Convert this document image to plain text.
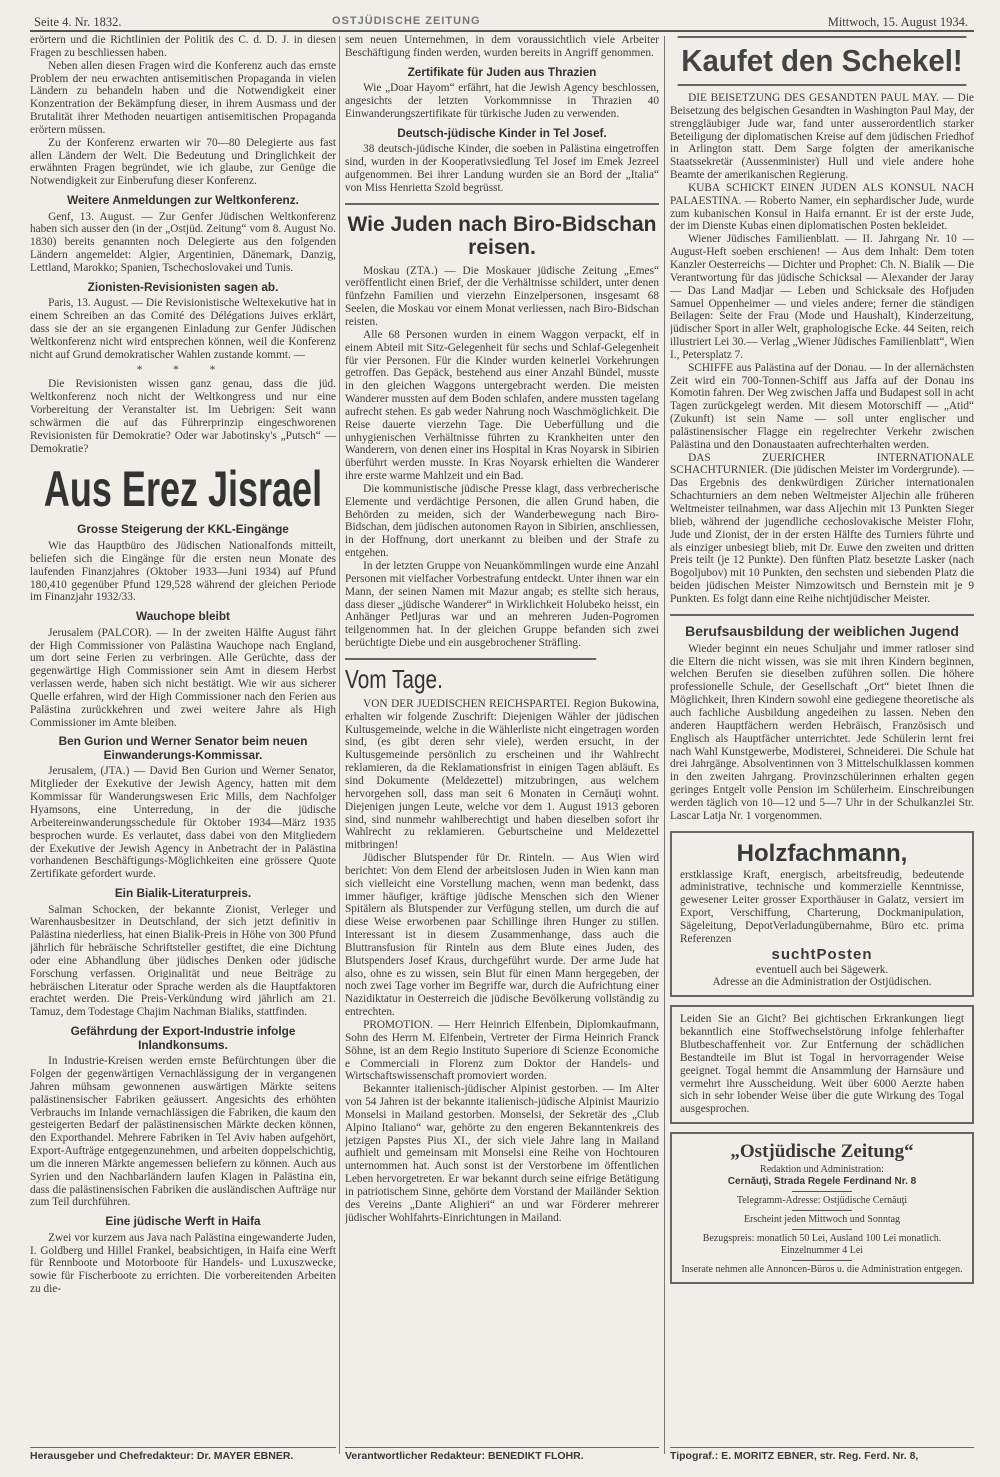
Seite 4. Nr. 1832.	OSTJÜDISCHE ZEITUNG	Mittwoch, 15. August 1934.

erörtern und die Richtlinien der Politik des C. d. D. J. in diesen Fragen zu beschliessen haben.

Neben allen diesen Fragen wird die Konferenz auch das ernste Problem der neu erwachten antisemitischen Propaganda in vielen Ländern zu behandeln haben und die Notwendigkeit einer Konzentration der Bekämpfung dieser, in ihrem Ausmass und der Brutalität ihrer Methoden neuartigen antisemitischen Propaganda erörtern müssen.

Zu der Konferenz erwarten wir 70—80 Delegierte aus fast allen Ländern der Welt. Die Bedeutung und Dringlichkeit der erwähnten Fragen begründet, wie ich glaube, zur Genüge die Notwendigkeit zur Einberufung dieser Konferenz.

Weitere Anmeldungen zur Weltkonferenz.

Genf, 13. August. — Zur Genfer Jüdischen Weltkonferenz haben sich ausser den (in der „Ostjüd. Zeitung“ vom 8. August No. 1830) bereits genannten noch Delegierte aus den folgenden Ländern angemeldet: Algier, Argentinien, Dänemark, Danzig, Lettland, Marokko; Spanien, Tschechoslovakei und Tunis.

Zionisten-Revisionisten sagen ab.

Paris, 13. August. — Die Revisionistische Weltexekutive hat in einem Schreiben an das Comité des Délégations Juives erklärt, dass sie der an sie ergangenen Einladung zur Genfer Jüdischen Weltkonferenz nicht wird entsprechen können, weil die Konferenz nicht auf Grund demokratischer Wahlen zustande kommt. —

* * *

Die Revisionisten wissen ganz genau, dass die jüd. Weltkonferenz noch nicht der Weltkongress und nur eine Vorbereitung der Veranstalter ist. Im Uebrigen: Seit wann schwärmen die auf das Führerprinzip eingeschworenen Revisionisten für Demokratie? Oder war Jabotinsky's „Putsch“ — Demokratie?

Aus Erez Jisrael
Grosse Steigerung der KKL-Eingänge

Wie das Hauptbüro des Jüdischen Nationalfonds mitteilt, beliefen sich die Eingänge für die ersten neun Monate des laufenden Finanzjahres (Oktober 1933—Juni 1934) auf Pfund 180,410 gegenüber Pfund 129,528 während der gleichen Periode im Finanzjahr 1932/33.

Wauchope bleibt

Jerusalem (PALCOR). — In der zweiten Hälfte August fährt der High Commissioner von Palästina Wauchope nach England, um dort seine Ferien zu verbringen. Alle Gerüchte, dass der gegenwärtige High Commissioner sein Amt in diesem Herbst verlassen werde, haben sich nicht bestätigt. Wie wir aus sicherer Quelle erfahren, wird der High Commissioner nach den Ferien aus Palästina zurückkehren und zwei weitere Jahre als High Commissioner im Amte bleiben.

Ben Gurion und Werner Senator beim neuen Einwanderungs-Kommissar.

Jerusalem, (JTA.) — David Ben Gurion und Werner Senator, Mitglieder der Exekutive der Jewish Agency, hatten mit dem Kommissar für Wanderungswesen Eric Mills, dem Nachfolger Hyamsons, eine Unterredung, in der die jüdische Arbeitereinwanderungsschedule für Oktober 1934—März 1935 besprochen wurde. Es verlautet, dass dabei von den Mitgliedern der Exekutive der Jewish Agency in Anbetracht der in Palästina vorhandenen Beschäftigungs-Möglichkeiten eine grössere Quote Zertifikate gefordert wurde.

Ein Bialik-Literaturpreis.

Salman Schocken, der bekannte Zionist, Verleger und Warenhausbesitzer in Deutschland, der sich jetzt definitiv in Palästina niederliess, hat einen Bialik-Preis in Höhe von 300 Pfund jährlich für hebräische Schriftsteller gestiftet, die eine Dichtung oder eine Abhandlung über jüdisches Denken oder jüdische Forschung verfassen. Originalität und neue Beiträge zu hebräischen Literatur oder Sprache werden als die Hauptfaktoren erachtet werden. Die Preis-Verkündung wird jährlich am 21. Tamuz, dem Todestage Chajim Nachman Bialiks, stattfinden.

Gefährdung der Export-Industrie infolge Inlandkonsums.

In Industrie-Kreisen werden ernste Befürchtungen über die Folgen der gegenwärtigen Vernachlässigung der in vergangenen Jahren mühsam gewonnenen auswärtigen Märkte seitens palästinensischer Fabriken geäussert. Angesichts des erhöhten Verbrauchs im Inlande vernachlässigen die Fabriken, die kaum den gesteigerten Bedarf der palästinensischen Märkte decken können, den Exporthandel. Mehrere Fabriken in Tel Aviv haben aufgehört, Export-Aufträge entgegenzunehmen, und arbeiten doppelschichtig, um die inneren Märkte angemessen beliefern zu können. Auch aus Syrien und den Nachbarländern laufen Klagen in Palästina ein, dass die palästinensischen Fabriken die ausländischen Aufträge nur zum Teil durchführen.

Eine jüdische Werft in Haifa

Zwei vor kurzem aus Java nach Palästina eingewanderte Juden, I. Goldberg und Hillel Frankel, beabsichtigen, in Haifa eine Werft für Rennboote und Motorboote für Handels- und Luxuszwecke, sowie für Fischerboote zu errichten. Die vorbereitenden Arbeiten zu die-

sem neuen Unternehmen, in dem voraussichtlich viele Arbeiter Beschäftigung finden werden, wurden bereits in Angriff genommen.

Zertifikate für Juden aus Thrazien

Wie „Doar Hayom“ erfährt, hat die Jewish Agency beschlossen, angesichts der letzten Vorkommnisse in Thrazien 40 Einwanderungszertifikate für türkische Juden zu verwenden.

Deutsch-jüdische Kinder in Tel Josef.

38 deutsch-jüdische Kinder, die soeben in Palästina eingetroffen sind, wurden in der Kooperativsiedlung Tel Josef im Emek Jezreel aufgenommen. Bei ihrer Landung wurden sie an Bord der „Italia“ von Miss Henrietta Szold begrüsst.

Wie Juden nach Biro-Bidschan reisen.

Moskau (ZTA.) — Die Moskauer jüdische Zeitung „Emes“ veröffentlicht einen Brief, der die Verhältnisse schildert, unter denen fünfzehn Familien und vierzehn Einzelpersonen, insgesamt 68 Seelen, die Moskau vor einem Monat verliessen, nach Biro-Bidschan reisten.

Alle 68 Personen wurden in einem Waggon verpackt, elf in einem Abteil mit Sitz-Gelegenheit für sechs und Schlaf-Gelegenheit für vier Personen. Für die Kinder wurden keinerlei Vorkehrungen getroffen. Das Gepäck, bestehend aus einer Anzahl Bündel, musste in den gleichen Waggons untergebracht werden. Die meisten Wanderer mussten auf dem Boden schlafen, andere mussten tagelang aufrecht stehen. Es gab weder Nahrung noch Waschmöglichkeit. Die Reise dauerte vierzehn Tage. Die Ueberfüllung und die unhygienischen Verhältnisse führten zu Krankheiten unter den Wanderern, von denen einer ins Hospital in Kras Noyarsk in Sibirien überführt werden musste. In Kras Noyarsk erhielten die Wanderer ihre erste warme Mahlzeit und ein Bad.

Die kommunistische jüdische Presse klagt, dass verbrecherische Elemente und verdächtige Personen, die allen Grund haben, die Behörden zu meiden, sich der Wanderbewegung nach Biro-Bidschan, dem jüdischen autonomen Rayon in Sibirien, anschliessen, in der Hoffnung, dort unerkannt zu bleiben und der Strafe zu entgehen.

In der letzten Gruppe von Neuankömmlingen wurde eine Anzahl Personen mit vielfacher Vorbestrafung entdeckt. Unter ihnen war ein Mann, der seinen Namen mit Mazur angab; es stellte sich heraus, dass dieser „jüdische Wanderer“ in Wirklichkeit Holubeko heisst, ein Anhänger Petljuras war und an mehreren Juden-Pogromen teilgenommen hat. In der gleichen Gruppe befanden sich zwei berüchtigte Diebe und ein ausgebrochener Sträfling.

Vom Tage.

VON DER JUEDISCHEN REICHSPARTEI. Region Bukowina, erhalten wir folgende Zuschrift: Diejenigen Wähler der jüdischen Kultusgemeinde, welche in die Wählerliste nicht eingetragen worden sind, (es gibt deren sehr viele), werden ersucht, in der Kultusgemeinde persönlich zu erscheinen und ihr Wahlrecht reklamieren, da die Reklamationsfrist in einigen Tagen abläuft. Es sind Dokumente (Meldezettel) mitzubringen, aus welchem hervorgehen soll, dass man seit 6 Monaten in Cernăuţi wohnt. Diejenigen jungen Leute, welche vor dem 1. August 1913 geboren sind, sind nunmehr wahlberechtigt und haben dieselben sofort ihr Wahlrecht zu reklamieren. Geburtscheine und Meldezettel mitbringen!

Jüdischer Blutspender für Dr. Rinteln. — Aus Wien wird berichtet: Von dem Elend der arbeitslosen Juden in Wien kann man sich vielleicht eine Vorstellung machen, wenn man bedenkt, dass immer häufiger, kräftige jüdische Menschen sich den Wiener Spitälern als Blutspender zur Verfügung stellen, um durch die auf diese Weise erworbenen paar Schillinge ihren Hunger zu stillen. Interessant ist in diesem Zusammenhange, dass auch die Bluttransfusion für Rinteln aus dem Blute eines Juden, des Blutspenders Josef Kraus, durchgeführt wurde. Der arme Jude hat also, ohne es zu wissen, sein Blut für einen Mann hergegeben, der noch zwei Tage vorher im Begriffe war, durch die Aufrichtung einer Nazidiktatur in Oesterreich die jüdische Bevölkerung vollständig zu entrechten.

PROMOTION. — Herr Heinrich Elfenbein, Diplomkaufmann, Sohn des Herrn M. Elfenbein, Vertreter der Firma Heinrich Franck Söhne, ist an dem Regio Instituto Superiore di Scienze Economiche e Commerciali in Florenz zum Doktor der Handels- und Wirtschaftswissenschaft promoviert worden.

Bekannter italienisch-jüdischer Alpinist gestorben. — Im Alter von 54 Jahren ist der bekannte italienisch-jüdische Alpinist Maurizio Monselsi in Mailand gestorben. Monselsi, der Sekretär des „Club Alpino Italiano“ war, gehörte zu den engeren Bekanntenkreis des jetzigen Papstes Pius XI., der sich viele Jahre lang in Mailand aufhielt und gemeinsam mit Monselsi eine Reihe von Hochtouren unternommen hat. Auch sonst ist der Verstorbene im öffentlichen Leben hervorgetreten. Er war bekannt durch seine eifrige Betätigung in patriotischem Sinne, gehörte dem Vorstand der Mailänder Sektion des Vereins „Dante Alighieri“ an und war Förderer mehrerer jüdischer Wohlfahrts-Einrichtungen in Mailand.

Kaufet den Schekel!

DIE BEISETZUNG DES GESANDTEN PAUL MAY. — Die Beisetzung des belgischen Gesandten in Washington Paul May, der strenggläubiger Jude war, fand unter ausserordentlich starker Beteiligung der diplomatischen Kreise auf dem jüdischen Friedhof in Arlington statt. Dem Sarge folgten der amerikanische Staatssekretär (Aussenminister) Hull und viele andere hohe Beamte der amerikanischen Regierung.

KUBA SCHICKT EINEN JUDEN ALS KONSUL NACH PALAESTINA. — Roberto Namer, ein sephardischer Jude, wurde zum kubanischen Konsul in Haifa ernannt. Er ist der erste Jude, der im Dienste Kubas einen diplomatischen Posten bekleidet.

Wiener Jüdisches Familienblatt. — II. Jahrgang Nr. 10 — August-Heft soeben erschienen! — Aus dem Inhalt: Dem toten Kanzler Oesterreichs — Dichter und Prophet: Ch. N. Bialik — Die Verantwortung für das jüdische Schicksal — Alexander der Jaray — Das Land Madjar — Leben und Schicksale des Hofjuden Samuel Oppenheimer — und vieles andere; ferner die ständigen Beilagen: Seite der Frau (Mode und Haushalt), Kinderzeitung, jüdischer Sport in aller Welt, graphologische Ecke. 44 Seiten, reich illustriert Lei 30.— Verlag „Wiener Jüdisches Familienblatt“, Wien I., Petersplatz 7.

SCHIFFE aus Palästina auf der Donau. — In der allernächsten Zeit wird ein 700-Tonnen-Schiff aus Jaffa auf der Donau ins Komotin fahren. Der Weg zwischen Jaffa und Budapest soll in acht Tagen zurückgelegt werden. Mit diesem Motorschiff — „Atid“ (Zukunft) ist sein Name — soll unter englischer und palästinensischer Flagge ein regelrechter Verkehr zwischen Palästina und den Donaustaaten aufrechterhalten werden.

DAS ZUERICHER INTERNATIONALE SCHACHTURNIER. (Die jüdischen Meister im Vordergrunde). — Das Ergebnis des denkwürdigen Züricher internationalen Schachturniers an dem neben Weltmeister Aljechin alle früheren Weltmeister teilnahmen, war dass Aljechin mit 13 Punkten Sieger blieb, während der jugendliche cechoslovakische Meister Flohr, Jude und Zionist, der in der ersten Hälfte des Turniers führte und als einziger unbesiegt blieb, mit Dr. Euwe den zweiten und dritten Preis teilt (je 12 Punkte). Den fünften Platz besetzte Lasker (nach Bogoljubov) mit 10 Punkten, den sechsten und siebenden Platz die beiden jüdischen Meister Nimzowitsch und Bernstein mit je 9 Punkten. Es folgt dann eine Reihe nichtjüdischer Meister.

Berufsausbildung der weiblichen Jugend

Wieder beginnt ein neues Schuljahr und immer ratloser sind die Eltern die nicht wissen, was sie mit ihren Kindern beginnen, welchen Berufen sie dieselben zuführen sollen. Die höhere professionelle Schule, der Gesellschaft „Ort“ bietet Ihnen die Möglichkeit, Ihren Kindern sowohl eine gediegene theoretische als auch fachliche Ausbildung angedeihen zu lassen. Neben den anderen Hauptfächern werden Hebräisch, Französisch und Englisch als Hauptfächer unterrichtet. Jede Schülerin lernt frei nach Wahl Kunstgewerbe, Modisterei, Schneiderei. Die Schule hat drei Jahrgänge. Absolventinnen von 3 Mittelschulklassen kommen in den zweiten Jahrgang. Provinzschülerinnen erhalten gegen geringes Entgelt volle Pension im Schülerheim. Einschreibungen werden täglich von 10—12 und 5—7 Uhr in der Schulkanzlei Str. Lascar Latja Nr. 1 vorgenommen.

Holzfachmann,
erstklassige Kraft, energisch, arbeitsfreudig, bedeutende administrative, technische und kommerzielle Kenntnisse, gewesener Leiter grosser Exporthäuser in Galatz, versiert im Export, Verschiffung, Charterung, Dockmanipulation, Sägeleitung, DepotVerladungübernahme, Büro etc. prima Referenzen
suchtPosten
eventuell auch bei Sägewerk.
Adresse an die Administration der Ostjüdischen.
Leiden Sie an Gicht? Bei gichtischen Erkrankungen liegt bekanntlich eine Stoffwechselstörung infolge fehlerhafter Blutbeschaffenheit vor. Zur Entfernung der schädlichen Bestandteile im Blut ist Togal in hervorragender Weise geeignet. Togal hemmt die Ansammlung der Harnsäure und vermehrt ihre Ausscheidung. Weit über 6000 Aerzte haben sich in sehr lobender Weise über die gute Wirkung des Togal ausgesprochen.
„Ostjüdische Zeitung“
Redaktion und Administration:
Cernăuţi, Strada Regele Ferdinand Nr. 8
Telegramm-Adresse: Ostjüdische Cernăuţi
Erscheint jeden Mittwoch und Sonntag
Bezugspreis: monatlich 50 Lei, Ausland 100 Lei monatlich. Einzelnummer 4 Lei
Inserate nehmen alle Annoncen-Büros u. die Administration entgegen.
Herausgeber und Chefredakteur: Dr. MAYER EBNER.	Verantwortlicher Redakteur: BENEDIKT FLOHR.	Tipograf.: E. MORITZ EBNER, str. Reg. Ferd. Nr. 8,
